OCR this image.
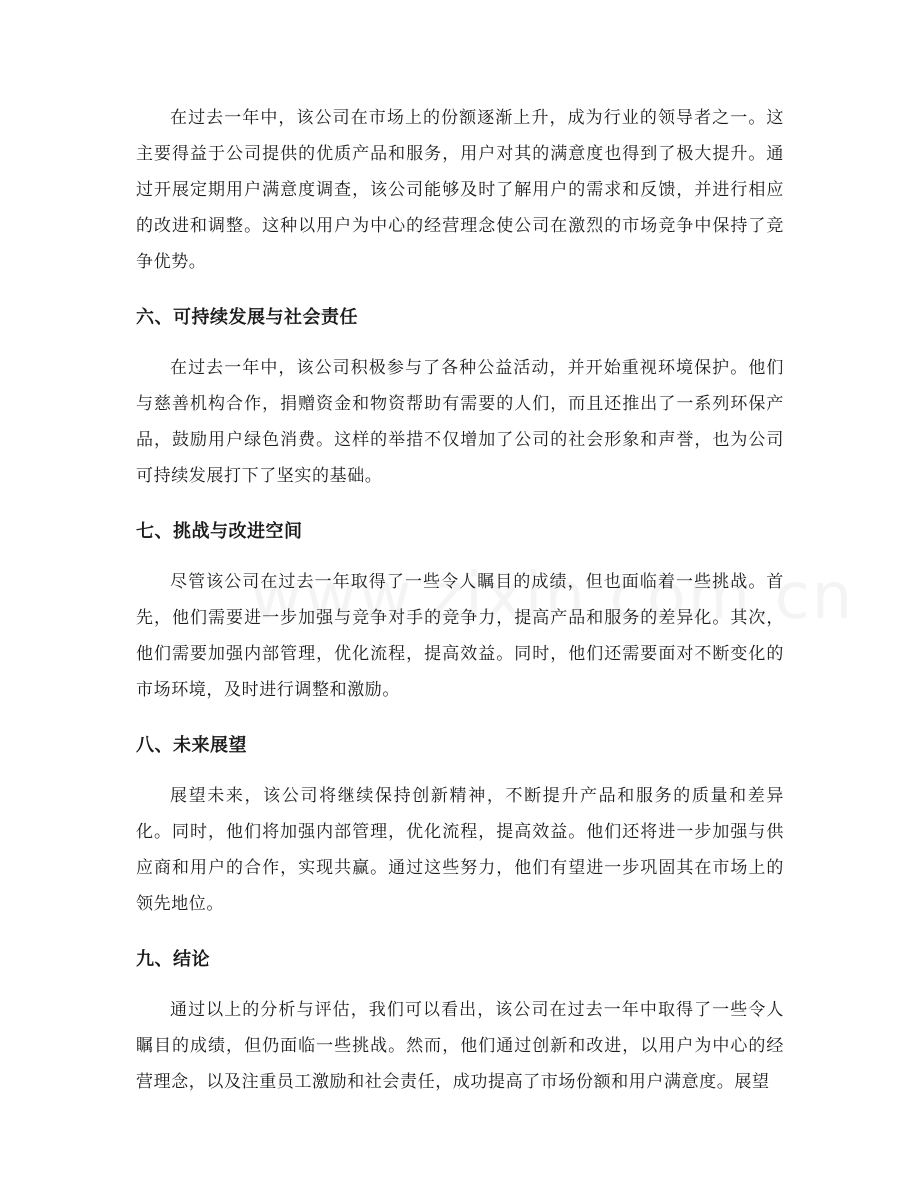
在过去一年中，该公司在市场上的份额逐渐上升，成为行业的领导者之一。这主要得益于公司提供的优质产品和服务，用户对其的满意度也得到了极大提升。通过开展定期用户满意度调查，该公司能够及时了解用户的需求和反馈，并进行相应的改进和调整。这种以用户为中心的经营理念使公司在激烈的市场竞争中保持了竞争优势。

六、可持续发展与社会责任

在过去一年中，该公司积极参与了各种公益活动，并开始重视环境保护。他们与慈善机构合作，捐赠资金和物资帮助有需要的人们，而且还推出了一系列环保产品，鼓励用户绿色消费。这样的举措不仅增加了公司的社会形象和声誉，也为公司可持续发展打下了坚实的基础。

七、挑战与改进空间

尽管该公司在过去一年取得了一些令人瞩目的成绩，但也面临着一些挑战。首先，他们需要进一步加强与竞争对手的竞争力，提高产品和服务的差异化。其次，他们需要加强内部管理，优化流程，提高效益。同时，他们还需要面对不断变化的市场环境，及时进行调整和激励。

八、未来展望

展望未来，该公司将继续保持创新精神，不断提升产品和服务的质量和差异化。同时，他们将加强内部管理，优化流程，提高效益。他们还将进一步加强与供应商和用户的合作，实现共赢。通过这些努力，他们有望进一步巩固其在市场上的领先地位。

九、结论

通过以上的分析与评估，我们可以看出，该公司在过去一年中取得了一些令人瞩目的成绩，但仍面临一些挑战。然而，他们通过创新和改进，以用户为中心的经营理念，以及注重员工激励和社会责任，成功提高了市场份额和用户满意度。展望
